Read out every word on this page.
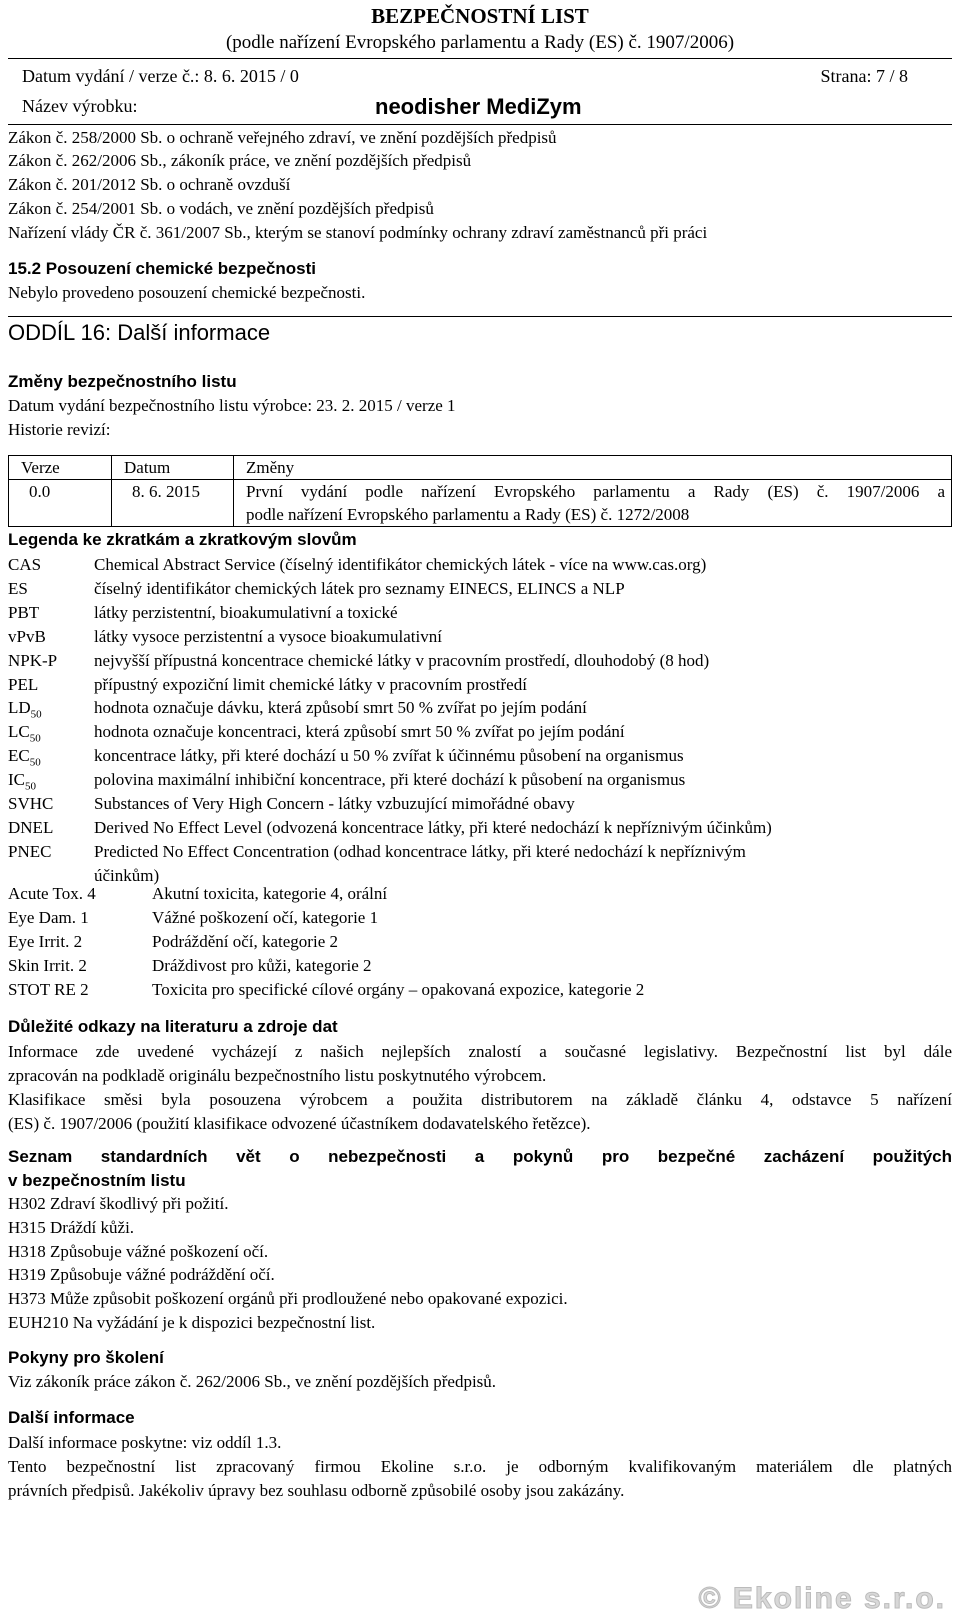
BEZPEČNOSTNÍ LIST
(podle nařízení Evropského parlamentu a Rady (ES) č. 1907/2006)
Datum vydání / verze č.: 8. 6. 2015 / 0	Strana: 7 / 8
Název výrobku:	neodisher MediZym
Zákon č. 258/2000 Sb. o ochraně veřejného zdraví, ve znění pozdějších předpisů
Zákon č. 262/2006 Sb., zákoník práce, ve znění pozdějších předpisů
Zákon č. 201/2012 Sb. o ochraně ovzduší
Zákon č. 254/2001 Sb. o vodách, ve znění pozdějších předpisů
Nařízení vlády ČR č. 361/2007 Sb., kterým se stanoví podmínky ochrany zdraví zaměstnanců při práci
15.2 Posouzení chemické bezpečnosti
Nebylo provedeno posouzení chemické bezpečnosti.
ODDÍL 16: Další informace
Změny bezpečnostního listu
Datum vydání bezpečnostního listu výrobce: 23. 2. 2015 / verze 1
Historie revizí:
Verze	Datum	Změny
0.0	8. 6. 2015	První vydání podle nařízení Evropského parlamentu a Rady (ES) č. 1907/2006 a
podle nařízení Evropského parlamentu a Rady (ES) č. 1272/2008
Legenda ke zkratkám a zkratkovým slovům
CAS	Chemical Abstract Service (číselný identifikátor chemických látek - více na www.cas.org)
ES	číselný identifikátor chemických látek pro seznamy EINECS, ELINCS a NLP
PBT	látky perzistentní, bioakumulativní a toxické
vPvB	látky vysoce perzistentní a vysoce bioakumulativní
NPK-P nejvyšší přípustná koncentrace chemické látky v pracovním prostředí, dlouhodobý (8 hod)
PEL	přípustný expoziční limit chemické látky v pracovním prostředí
$LD_{50}$	hodnota označuje dávku, která způsobí smrt 50 % zvířat po jejím podání
$LC_{50}$	hodnota označuje koncentraci, která způsobí smrt 50 % zvířat po jejím podání
$EC_{50}$	koncentrace látky, při které dochází u 50 % zvířat k účinnému působení na organismus
$IC_{50}$	polovina maximální inhibiční koncentrace, při které dochází k působení na organismus
SVHC Substances of Very High Concern - látky vzbuzující mimořádné obavy
DNEL Derived No Effect Level (odvozená koncentrace látky, při které nedochází k nepříznivým účinkům)
PNEC	Predicted No Effect Concentration (odhad koncentrace látky, při které nedochází k nepříznivým
účinkům)
Acute Tox. 4	Akutní toxicita, kategorie 4, orální
Eye Dam. 1	Vážné poškození očí, kategorie 1
Eye Irrit. 2	Podráždění očí, kategorie 2
Skin Irrit. 2	Dráždivost pro kůži, kategorie 2
STOT RE 2	Toxicita pro specifické cílové orgány – opakovaná expozice, kategorie 2
Důležité odkazy na literaturu a zdroje dat
Informace zde uvedené vycházejí z našich nejlepších znalostí a současné legislativy. Bezpečnostní list byl dále
zpracován na podkladě originálu bezpečnostního listu poskytnutého výrobcem.
Klasifikace směsi byla posouzena výrobcem a použita distributorem na základě článku 4, odstavce 5 nařízení
(ES) č. 1907/2006 (použití klasifikace odvozené účastníkem dodavatelského řetězce).
Seznam standardních vět o nebezpečnosti a pokynů pro bezpečné zacházení použitých
v bezpečnostním listu
H302 Zdraví škodlivý při požití.
H315 Dráždí kůži.
H318 Způsobuje vážné poškození očí.
H319 Způsobuje vážné podráždění očí.
H373 Může způsobit poškození orgánů při prodloužené nebo opakované expozici.
EUH210 Na vyžádání je k dispozici bezpečnostní list.
Pokyny pro školení
Viz zákoník práce zákon č. 262/2006 Sb., ve znění pozdějších předpisů.
Další informace
Další informace poskytne: viz oddíl 1.3.
Tento bezpečnostní list zpracovaný firmou Ekoline s.r.o. je odborným kvalifikovaným materiálem dle platných
právních předpisů. Jakékoliv úpravy bez souhlasu odborně způsobilé osoby jsou zakázány.
© Ekoline s.r.o.
